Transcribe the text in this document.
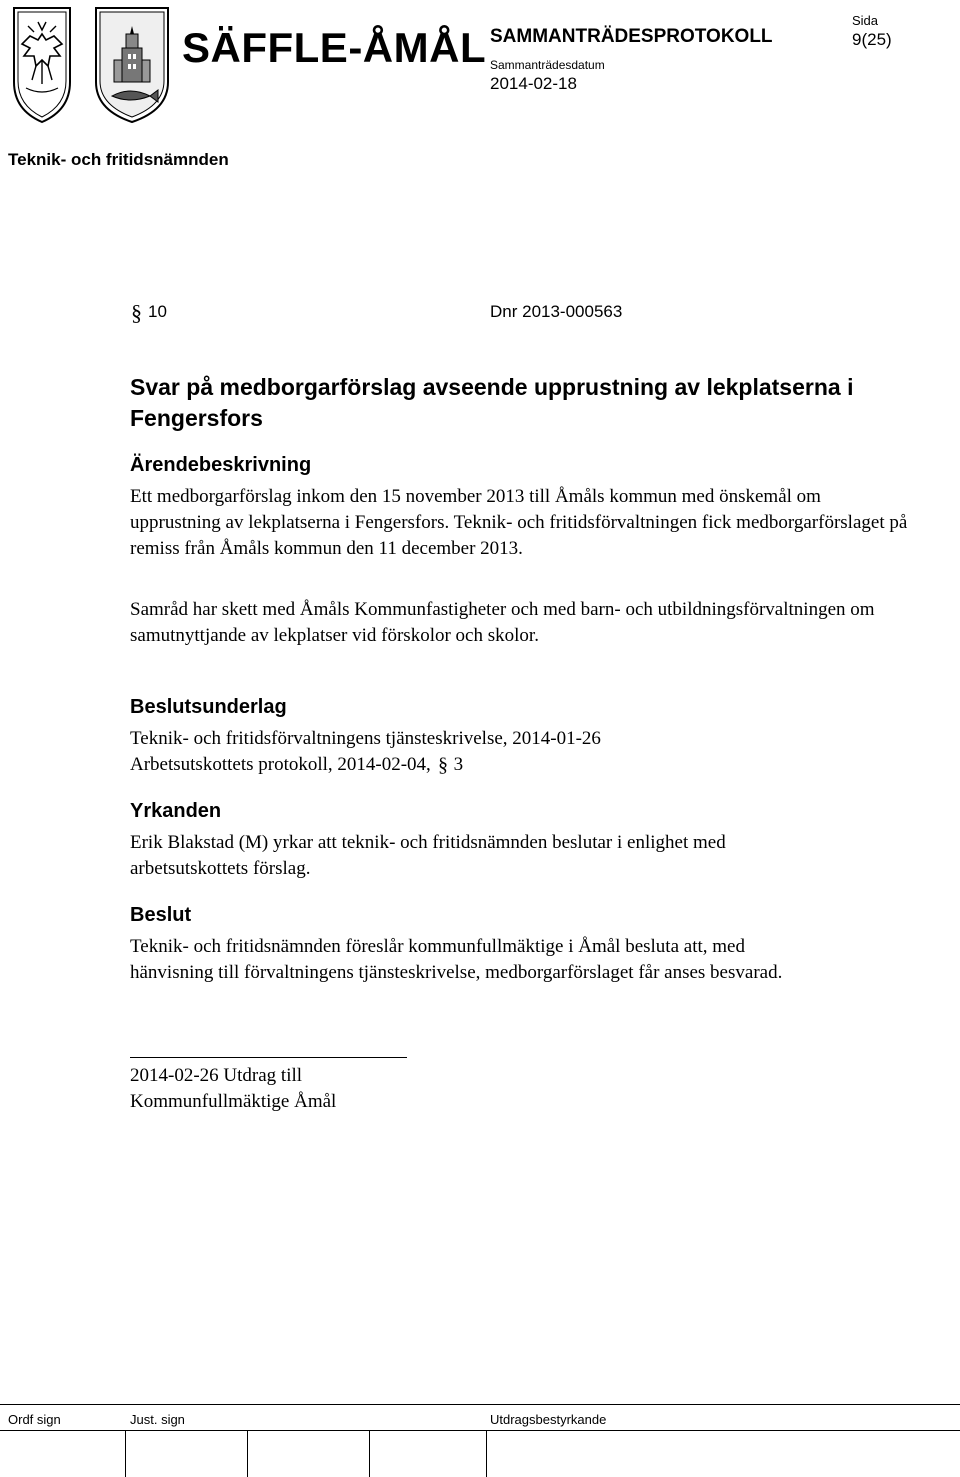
SÄFFLE-ÅMÅL SAMMANTRÄDESPROTOKOLL
Sammanträdesdatum
2014-02-18
Sida
9(25)
Teknik- och fritidsnämnden
§ 10	Dnr 2013-000563
Svar på medborgarförslag avseende upprustning av lekplatserna i Fengersfors
Ärendebeskrivning
Ett medborgarförslag inkom den 15 november 2013 till Åmåls kommun med önskemål om upprustning av lekplatserna i Fengersfors. Teknik- och fritidsförvaltningen fick medborgarförslaget på remiss från Åmåls kommun den 11 december 2013.
Samråd har skett med Åmåls Kommunfastigheter och med barn- och utbildningsförvaltningen om samutnyttjande av lekplatser vid förskolor och skolor.
Beslutsunderlag
Teknik- och fritidsförvaltningens tjänsteskrivelse, 2014-01-26
Arbetsutskottets protokoll, 2014-02-04, § 3
Yrkanden
Erik Blakstad (M) yrkar att teknik- och fritidsnämnden beslutar i enlighet med arbetsutskottets förslag.
Beslut
Teknik- och fritidsnämnden föreslår kommunfullmäktige i Åmål besluta att, med hänvisning till förvaltningens tjänsteskrivelse, medborgarförslaget får anses besvarad.
2014-02-26 Utdrag till
Kommunfullmäktige Åmål
Ordf sign	Just. sign	Utdragsbestyrkande
